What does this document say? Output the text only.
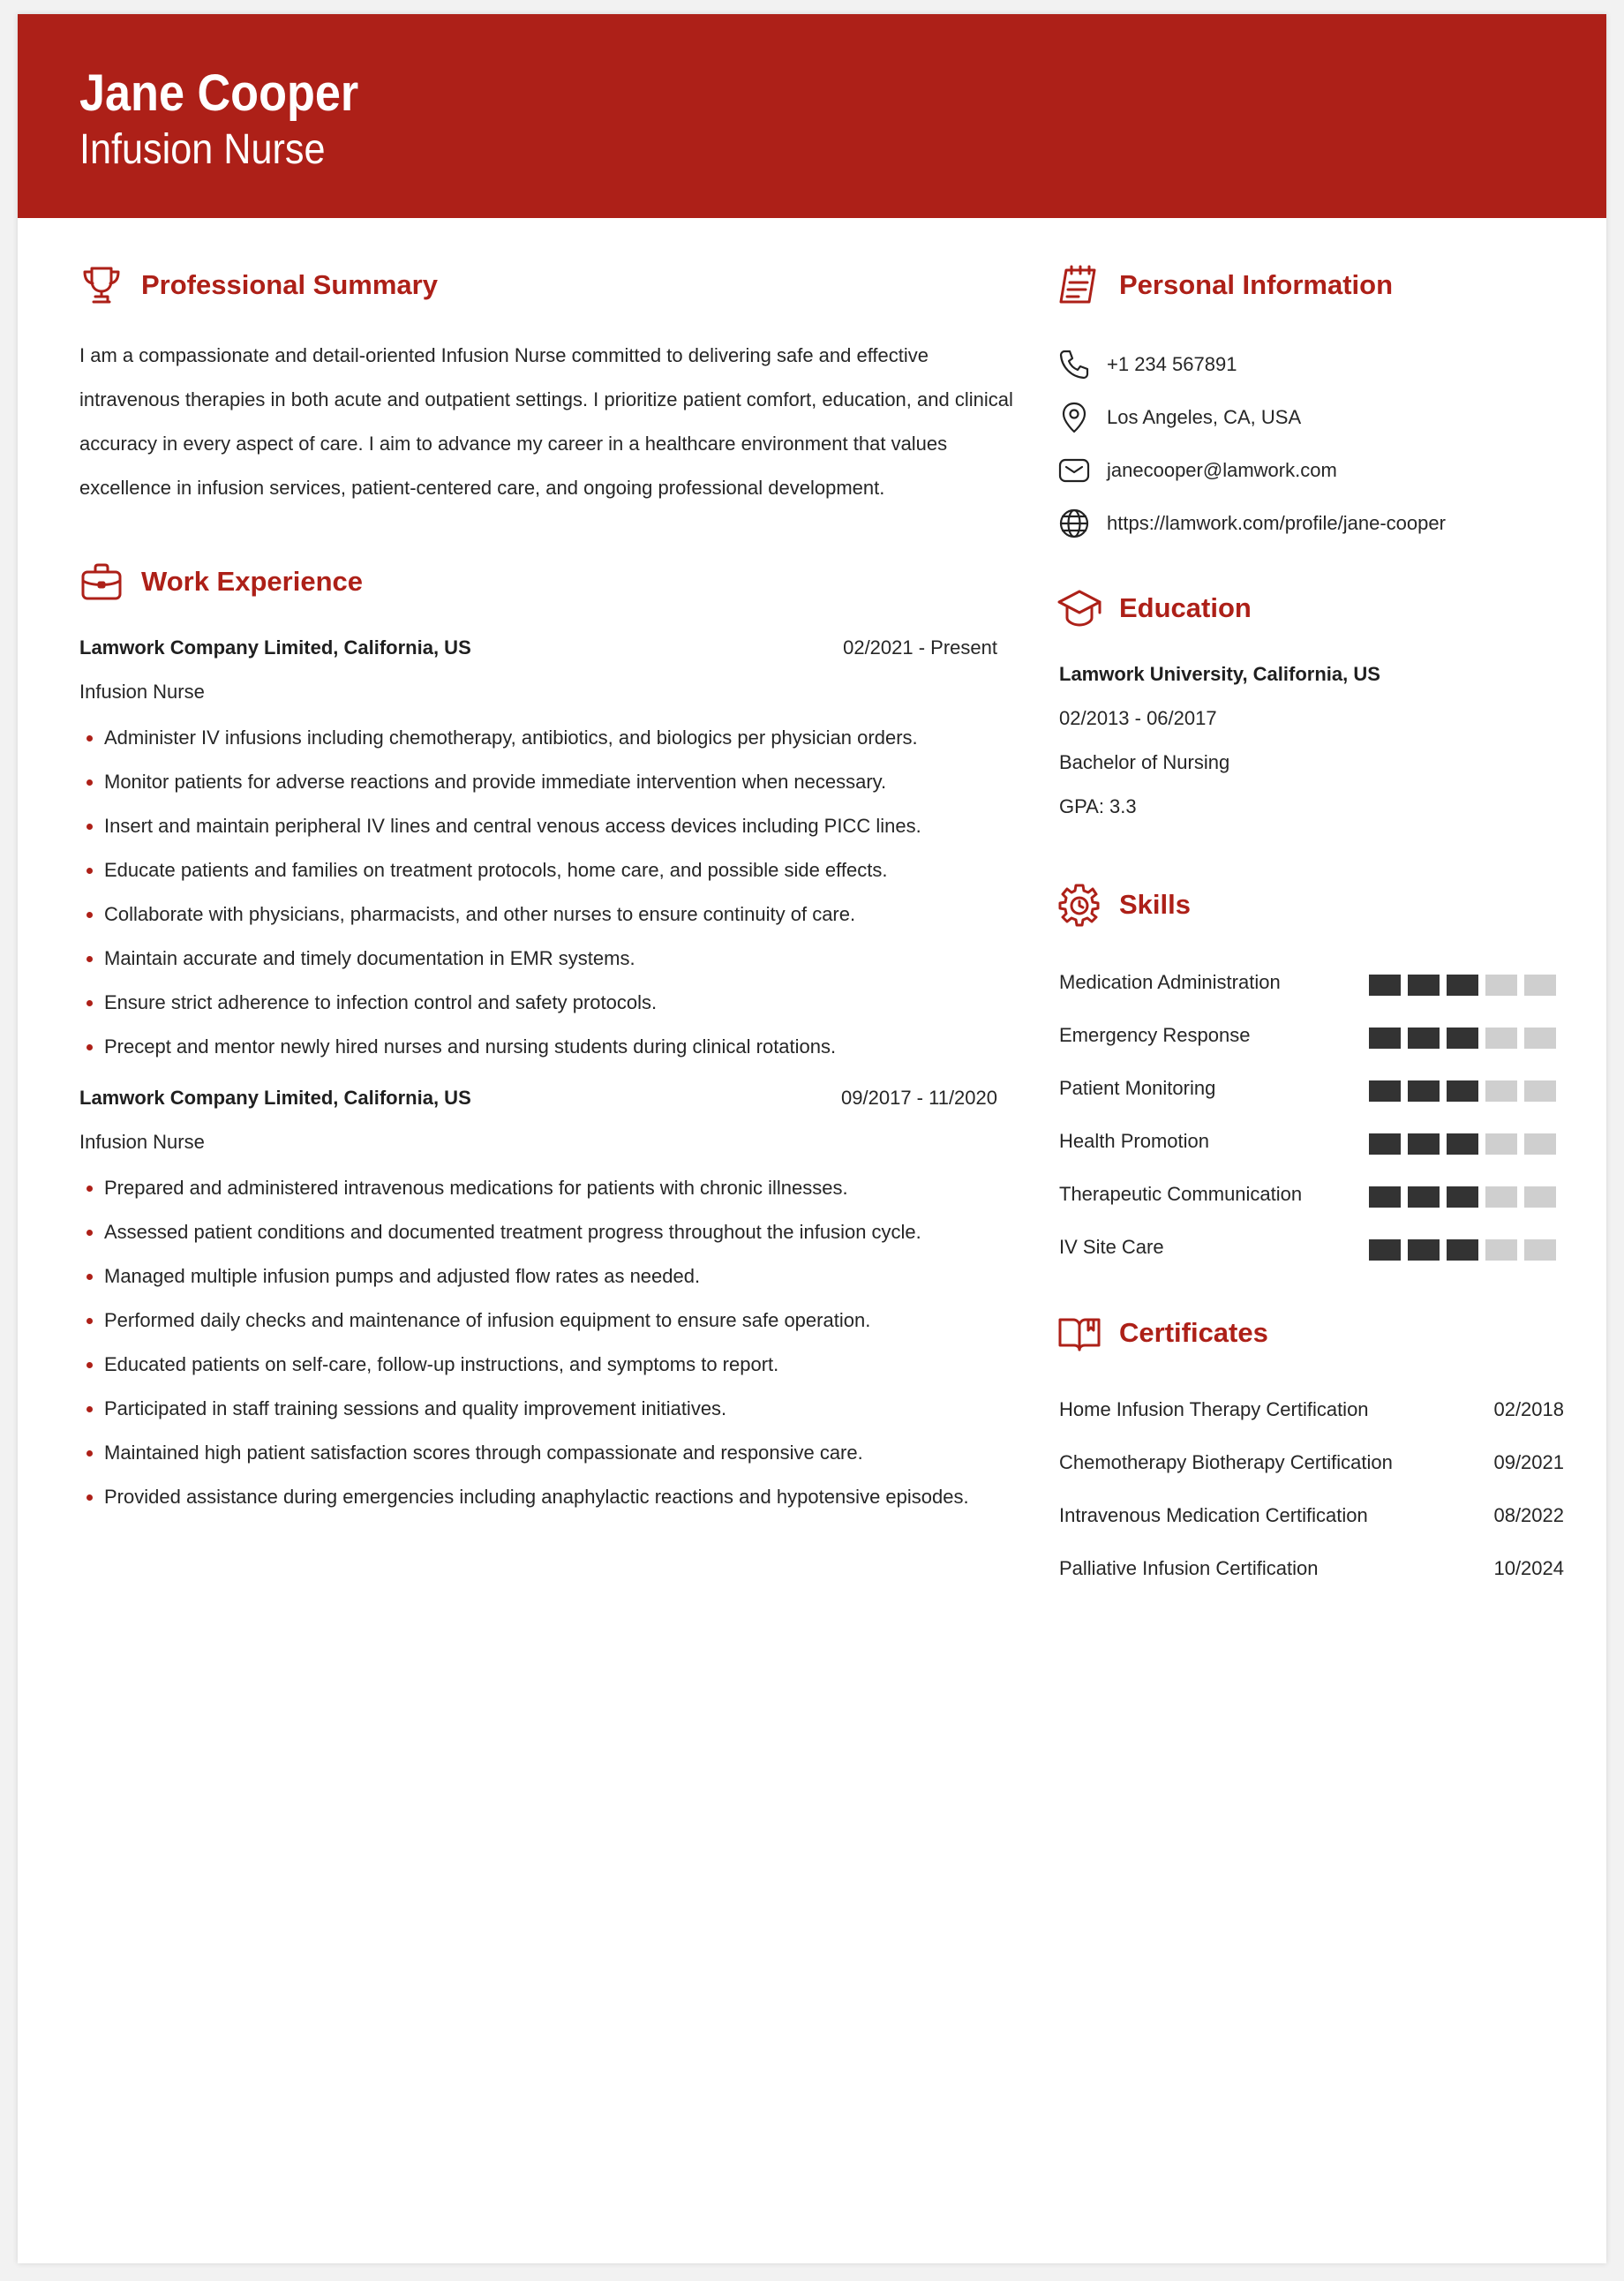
Jane Cooper
Infusion Nurse
Professional Summary
I am a compassionate and detail-oriented Infusion Nurse committed to delivering safe and effective intravenous therapies in both acute and outpatient settings. I prioritize patient comfort, education, and clinical accuracy in every aspect of care. I aim to advance my career in a healthcare environment that values excellence in infusion services, patient-centered care, and ongoing professional development.
Work Experience
Lamwork Company Limited, California, US	02/2021 - Present
Infusion Nurse
Administer IV infusions including chemotherapy, antibiotics, and biologics per physician orders.
Monitor patients for adverse reactions and provide immediate intervention when necessary.
Insert and maintain peripheral IV lines and central venous access devices including PICC lines.
Educate patients and families on treatment protocols, home care, and possible side effects.
Collaborate with physicians, pharmacists, and other nurses to ensure continuity of care.
Maintain accurate and timely documentation in EMR systems.
Ensure strict adherence to infection control and safety protocols.
Precept and mentor newly hired nurses and nursing students during clinical rotations.
Lamwork Company Limited, California, US	09/2017 - 11/2020
Infusion Nurse
Prepared and administered intravenous medications for patients with chronic illnesses.
Assessed patient conditions and documented treatment progress throughout the infusion cycle.
Managed multiple infusion pumps and adjusted flow rates as needed.
Performed daily checks and maintenance of infusion equipment to ensure safe operation.
Educated patients on self-care, follow-up instructions, and symptoms to report.
Participated in staff training sessions and quality improvement initiatives.
Maintained high patient satisfaction scores through compassionate and responsive care.
Provided assistance during emergencies including anaphylactic reactions and hypotensive episodes.
Personal Information
+1 234 567891
Los Angeles, CA, USA
janecooper@lamwork.com
https://lamwork.com/profile/jane-cooper
Education
Lamwork University, California, US
02/2013 - 06/2017
Bachelor of Nursing
GPA: 3.3
Skills
Medication Administration
Emergency Response
Patient Monitoring
Health Promotion
Therapeutic Communication
IV Site Care
Certificates
Home Infusion Therapy Certification	02/2018
Chemotherapy Biotherapy Certification	09/2021
Intravenous Medication Certification	08/2022
Palliative Infusion Certification	10/2024
